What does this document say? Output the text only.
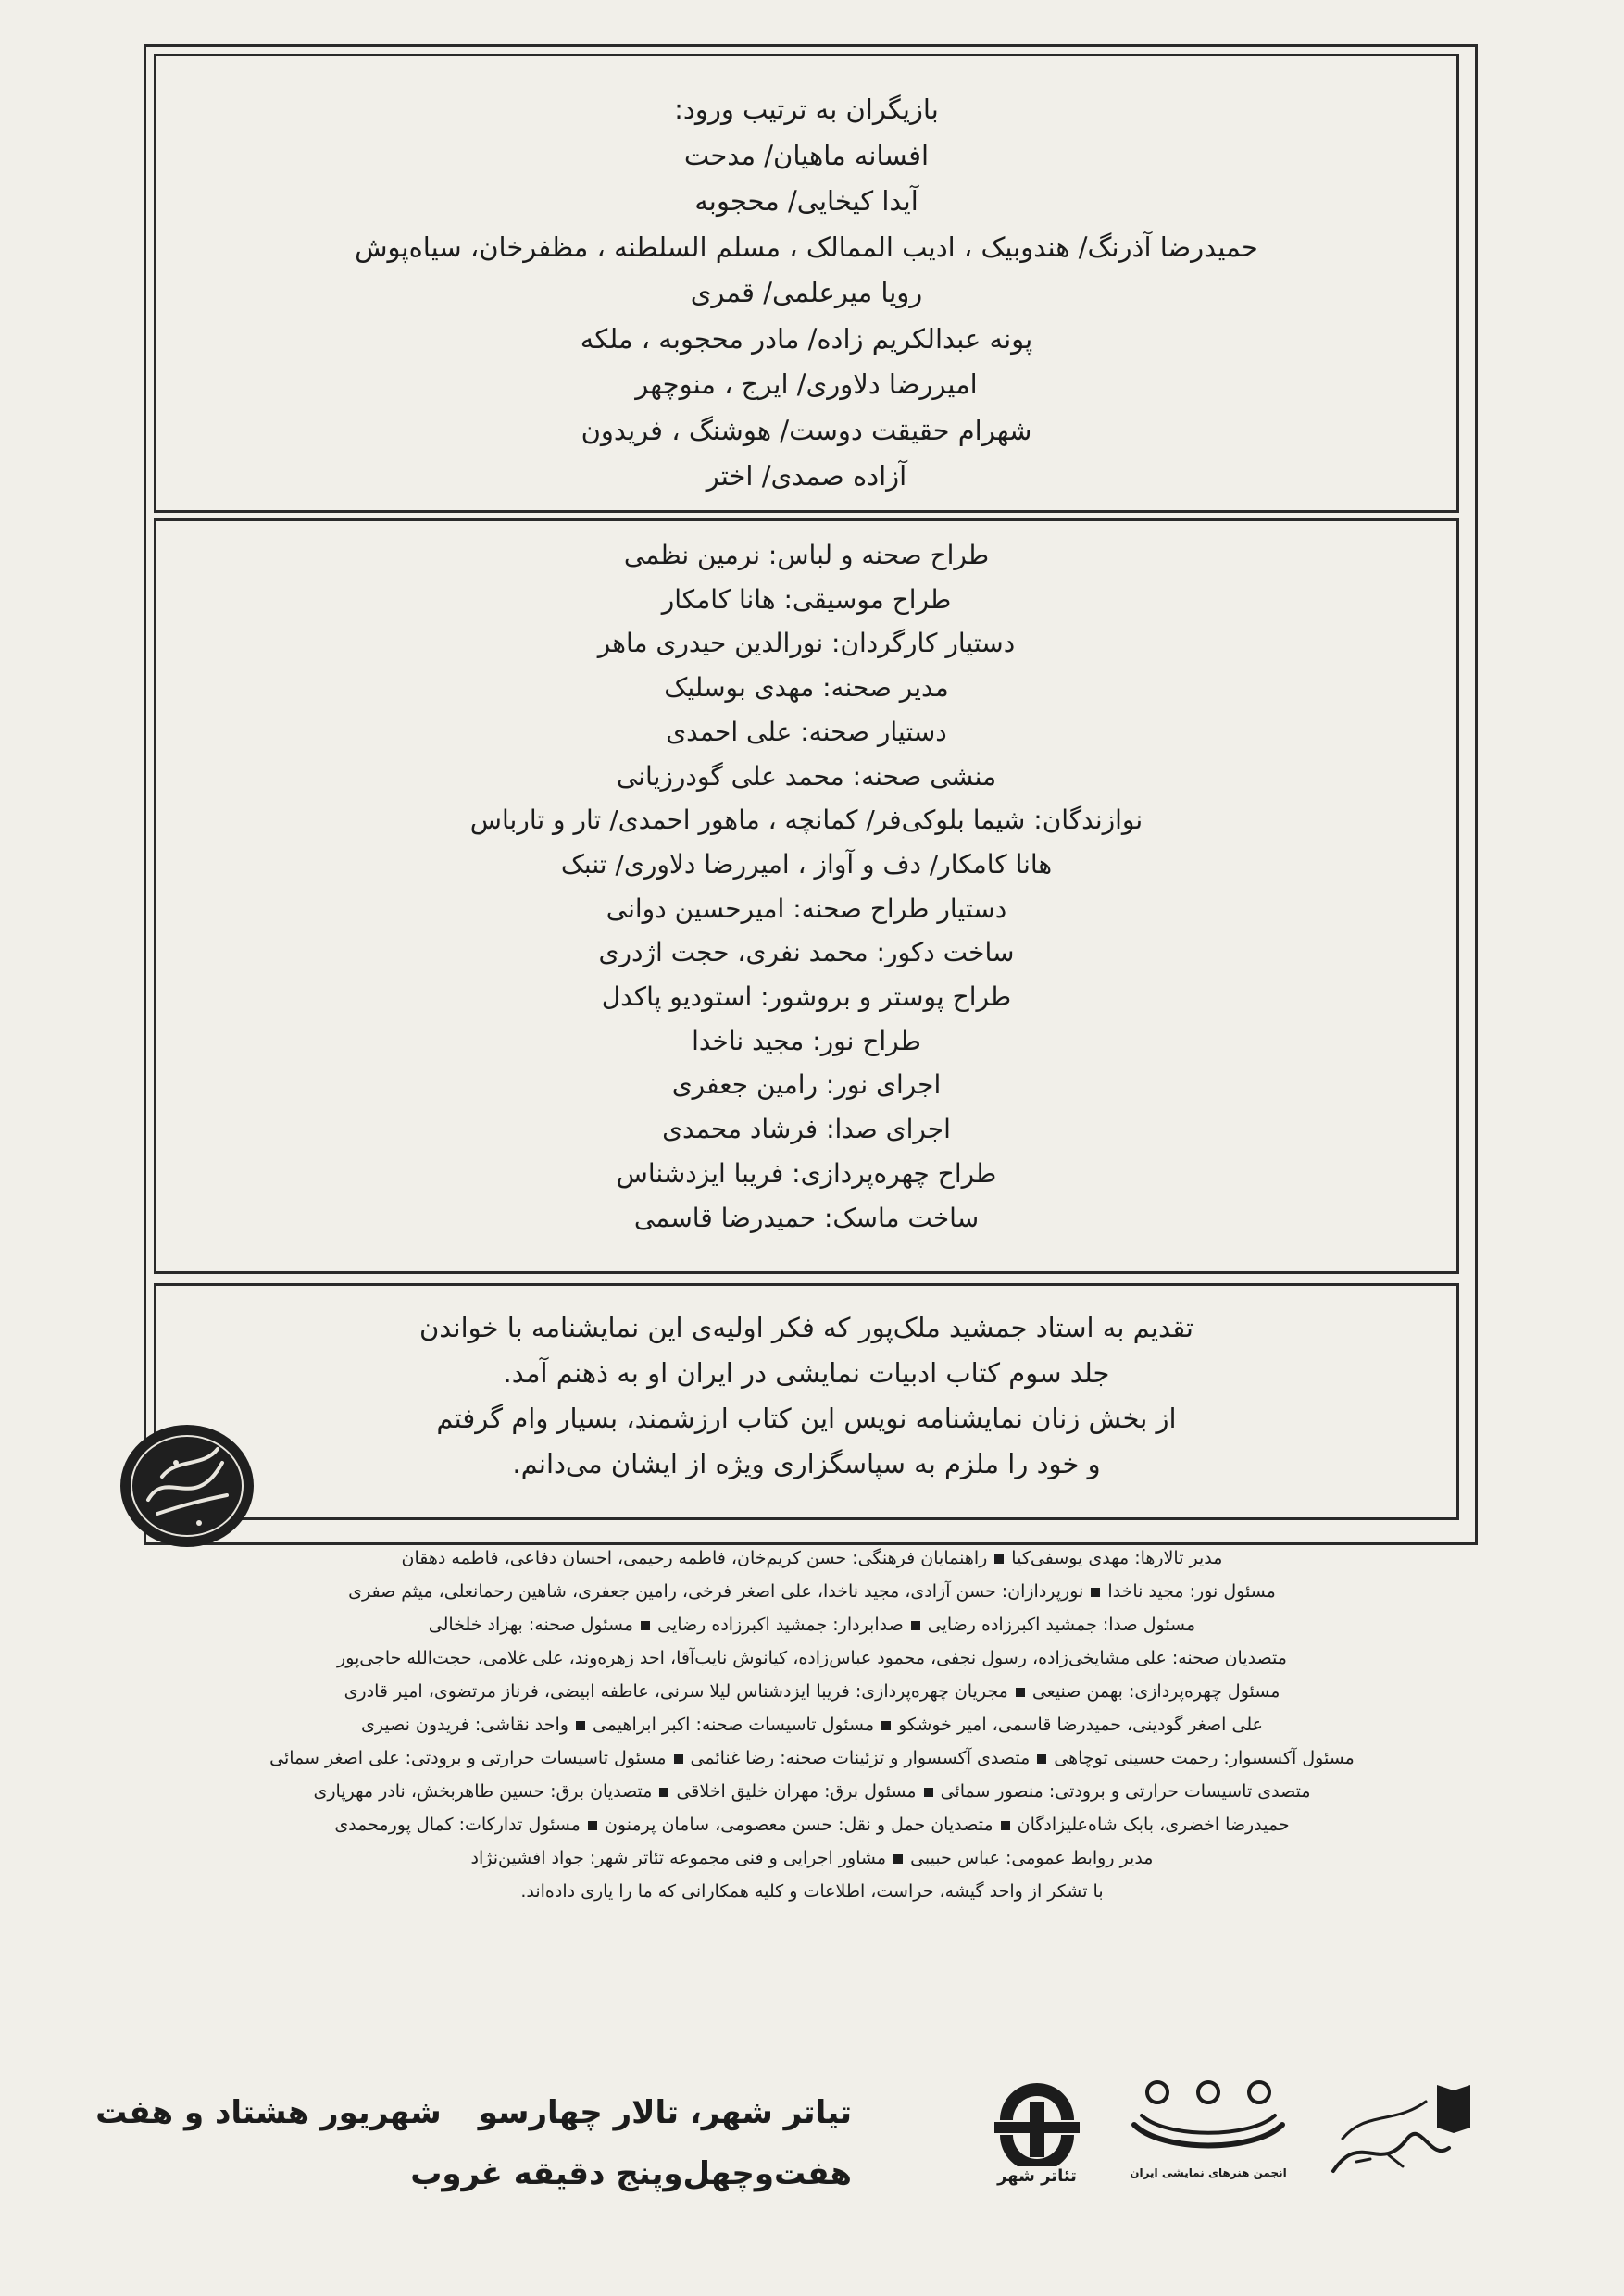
بازیگران به ترتیب ورود:
افسانه ماهیان/ مدحت
آیدا کیخایی/ محجوبه
حمیدرضا آذرنگ/ هندوبیک ، ادیب الممالک ، مسلم السلطنه ، مظفرخان، سیاه‌پوش
رویا میرعلمی/ قمری
پونه عبدالکریم زاده/ مادر محجوبه ، ملکه
امیررضا دلاوری/ ایرج ، منوچهر
شهرام حقیقت دوست/ هوشنگ ، فریدون
آزاده صمدی/ اختر
طراح صحنه و لباس: نرمین نظمی
طراح موسیقی: هانا کامکار
دستیار کارگردان: نورالدین حیدری ماهر
مدیر صحنه: مهدی بوسلیک
دستیار صحنه: علی احمدی
منشی صحنه: محمد علی گودرزیانی
نوازندگان: شیما بلوکی‌فر/ کمانچه ، ماهور احمدی/ تار و تارباس
هانا کامکار/ دف و آواز ، امیررضا دلاوری/ تنبک
دستیار طراح صحنه: امیرحسین دوانی
ساخت دکور: محمد نفری، حجت اژدری
طراح پوستر و بروشور: استودیو پاکدل
طراح نور: مجید ناخدا
اجرای نور: رامین جعفری
اجرای صدا: فرشاد محمدی
طراح چهره‌پردازی: فریبا ایزدشناس
ساخت ماسک: حمیدرضا قاسمی
تقدیم به استاد جمشید ملک‌پور که فکر اولیه‌ی این نمایشنامه با خواندن
جلد سوم کتاب ادبیات نمایشی در ایران او به ذهنم آمد.
از بخش زنان نمایشنامه نویس این کتاب ارزشمند، بسیار وام گرفتم
و خود را ملزم به سپاسگزاری ویژه از ایشان می‌دانم.
مدیر تالارها: مهدی یوسفی‌کیاراهنمایان فرهنگی: حسن کریم‌خان، فاطمه رحیمی، احسان دفاعی، فاطمه دهقان
مسئول نور: مجید ناخدانورپردازان: حسن آزادی، مجید ناخدا، علی اصغر فرخی، رامین جعفری، شاهین رحمانعلی، میثم صفری
مسئول صدا: جمشید اکبرزاده رضاییصدابردار: جمشید اکبرزاده رضاییمسئول صحنه: بهزاد خلخالی
متصدیان صحنه: علی مشایخی‌زاده، رسول نجفی، محمود عباس‌زاده، کیانوش نایب‌آقا، احد زهره‌وند، علی غلامی، حجت‌الله حاجی‌پور
مسئول چهره‌پردازی: بهمن صنیعیمجریان چهره‌پردازی: فریبا ایزدشناس لیلا سرنی، عاطفه ابیضی، فرناز مرتضوی، امیر قادری
علی اصغر گودینی، حمیدرضا قاسمی، امیر خوشکومسئول تاسیسات صحنه: اکبر ابراهیمیواحد نقاشی: فریدون نصیری
مسئول آکسسوار: رحمت حسینی توچاهیمتصدی آکسسوار و تزئینات صحنه: رضا غنائمیمسئول تاسیسات حرارتی و برودتی: علی اصغر سمائی
متصدی تاسیسات حرارتی و برودتی: منصور سمائیمسئول برق: مهران خلیق اخلاقیمتصدیان برق: حسین طاهربخش، نادر مهرپاری
حمیدرضا اخضری، بابک شاه‌علیزادگانمتصدیان حمل و نقل: حسن معصومی، سامان پرمنونمسئول تدارکات: کمال پورمحمدی
مدیر روابط عمومی: عباس حبیبیمشاور اجرایی و فنی مجموعه تئاتر شهر: جواد افشین‌نژاد
با تشکر از واحد گیشه، حراست، اطلاعات و کلیه همکارانی که ما را یاری داده‌اند.
تیاتر شهر، تالار چهارسوشهریور هشتاد و هفت
هفت‌وچهل‌وپنج دقیقه غروب	تئاتر شهر	انجمن هنرهای نمایشی ایران
